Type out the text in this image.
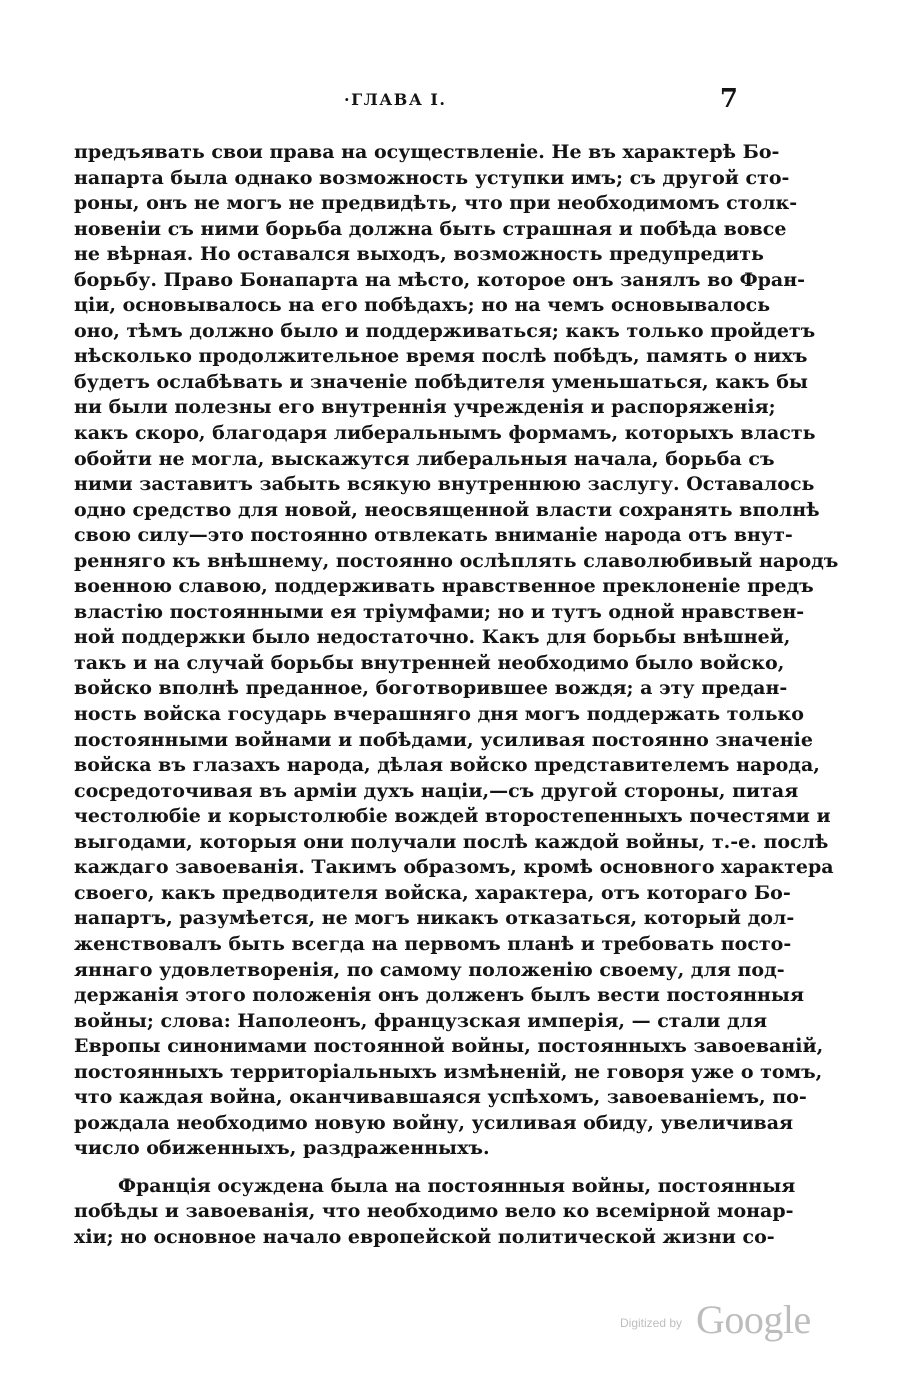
·ГЛАВА I.	7
предъявать свои права на осуществленіе. Не въ характерѣ Бо-
напарта была однако возможность уступки имъ; съ другой сто-
роны, онъ не могъ не предвидѣть, что при необходимомъ столк-
новеніи съ ними борьба должна быть страшная и побѣда вовсе
не вѣрная. Но оставался выходъ, возможность предупредить
борьбу. Право Бонапарта на мѣсто, которое онъ занялъ во Фран-
ціи, основывалось на его побѣдахъ; но на чемъ основывалось
оно, тѣмъ должно было и поддерживаться; какъ только пройдетъ
нѣсколько продолжительное время послѣ побѣдъ, память о нихъ
будетъ ослабѣвать и значеніе побѣдителя уменьшаться, какъ бы
ни были полезны его внутреннія учрежденія и распоряженія;
какъ скоро, благодаря либеральнымъ формамъ, которыхъ власть
обойти не могла, выскажутся либеральныя начала, борьба съ
ними заставитъ забыть всякую внутреннюю заслугу. Оставалось
одно средство для новой, неосвященной власти сохранять вполнѣ
свою силу—это постоянно отвлекать вниманіе народа отъ внут-
ренняго къ внѣшнему, постоянно ослѣплять славолюбивый народъ
военною славою, поддерживать нравственное преклоненіе предъ
властію постоянными ея тріумфами; но и тутъ одной нравствен-
ной поддержки было недостаточно. Какъ для борьбы внѣшней,
такъ и на случай борьбы внутренней необходимо было войско,
войско вполнѣ преданное, боготворившее вождя; а эту предан-
ность войска государь вчерашняго дня могъ поддержать только
постоянными войнами и побѣдами, усиливая постоянно значеніе
войска въ глазахъ народа, дѣлая войско представителемъ народа,
сосредоточивая въ арміи духъ націи,—съ другой стороны, питая
честолюбіе и корыстолюбіе вождей второстепенныхъ почестями и
выгодами, которыя они получали послѣ каждой войны, т.-е. послѣ
каждаго завоеванія. Такимъ образомъ, кромѣ основного характера
своего, какъ предводителя войска, характера, отъ котораго Бо-
напартъ, разумѣется, не могъ никакъ отказаться, который дол-
женствовалъ быть всегда на первомъ планѣ и требовать посто-
яннаго удовлетворенія, по самому положенію своему, для под-
держанія этого положенія онъ долженъ былъ вести постоянныя
войны; слова: Наполеонъ, французская имперія, — стали для
Европы синонимами постоянной войны, постоянныхъ завоеваній,
постоянныхъ территоріальныхъ измѣненій, не говоря уже о томъ,
что каждая война, оканчивавшаяся успѣхомъ, завоеваніемъ, по-
рождала необходимо новую войну, усиливая обиду, увеличивая
число обиженныхъ, раздраженныхъ.
Франція осуждена была на постоянныя войны, постоянныя
побѣды и завоеванія, что необходимо вело ко всемірной монар-
хіи; но основное начало европейской политической жизни со-
Digitized by Google
